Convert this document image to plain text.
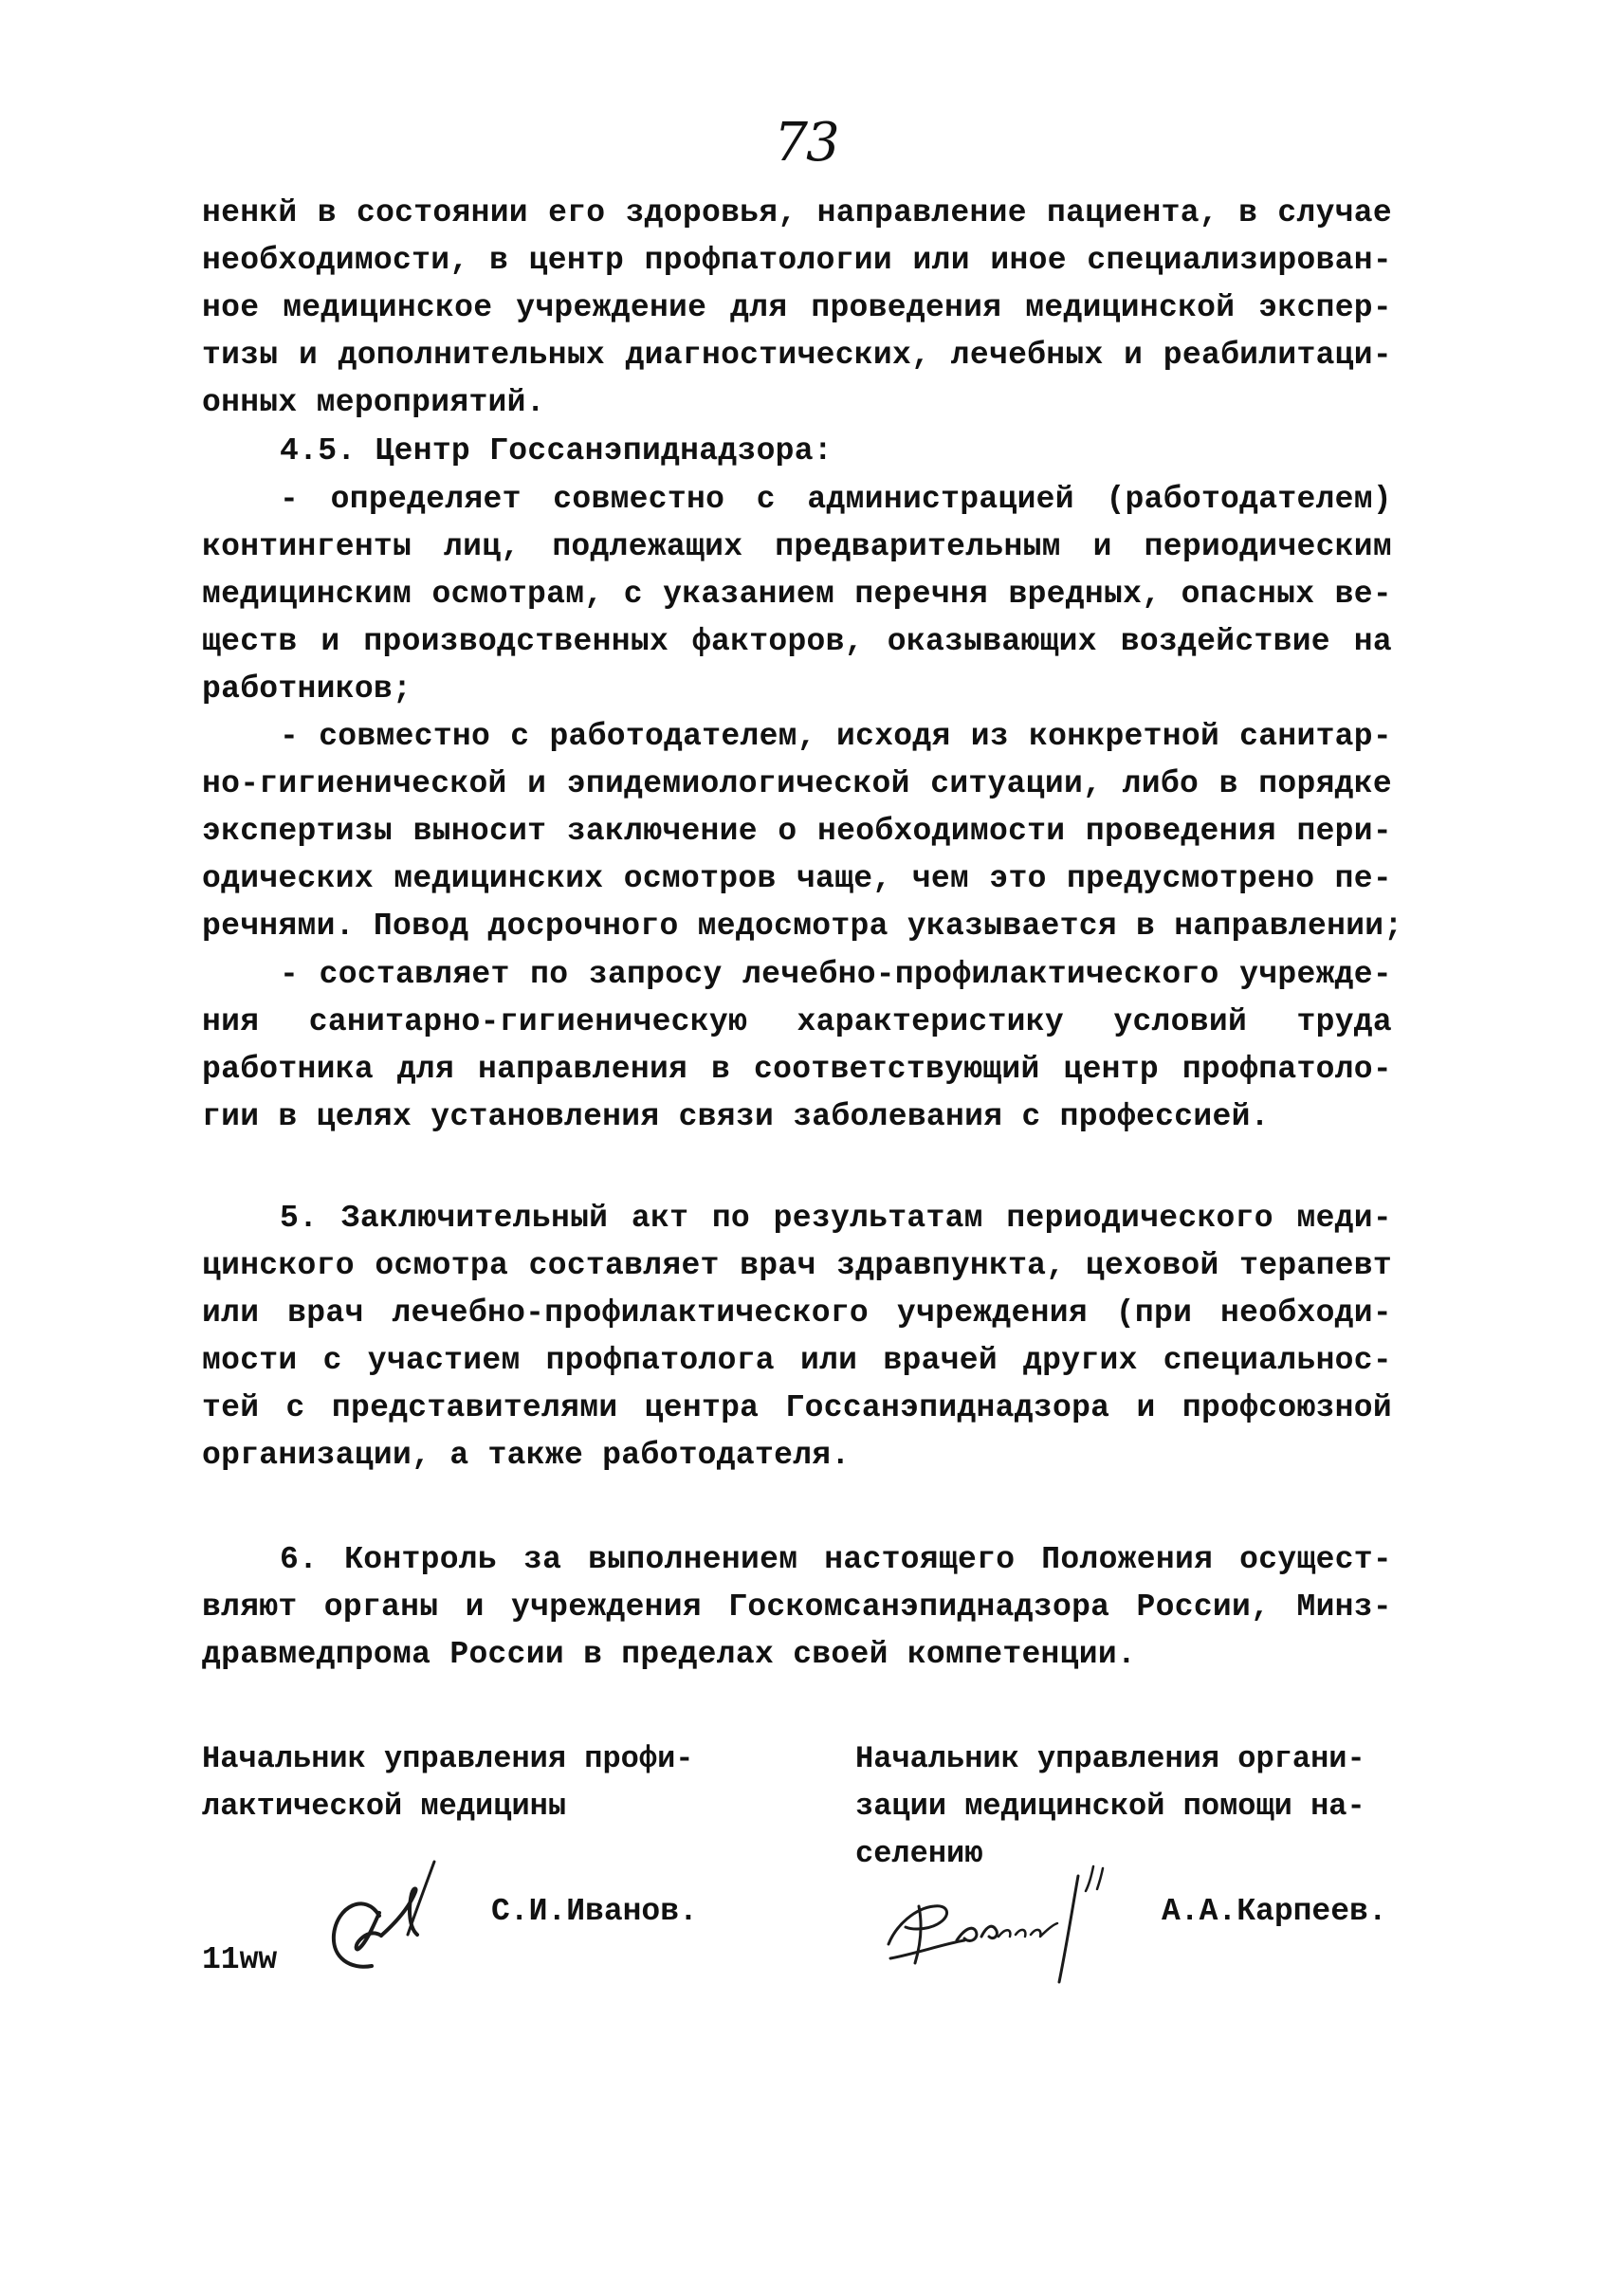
73
ненкй в состоянии его здоровья, направление пациента, в случае
необходимости, в центр профпатологии или иное специализирован-
ное медицинское учреждение для проведения медицинской экспер-
тизы и дополнительных диагностических, лечебных и реабилитаци-
онных мероприятий.
4.5. Центр Госсанэпиднадзора:
- определяет совместно с администрацией (работодателем)
контингенты лиц, подлежащих предварительным и периодическим
медицинским осмотрам, с указанием перечня вредных, опасных ве-
ществ и производственных факторов, оказывающих воздействие на
работников;
- совместно с работодателем, исходя из конкретной санитар-
но-гигиенической и эпидемиологической ситуации, либо в порядке
экспертизы выносит заключение о необходимости проведения пери-
одических медицинских осмотров чаще, чем это предусмотрено пе-
речнями. Повод досрочного медосмотра указывается в направлении;
- составляет по запросу лечебно-профилактического учрежде-
ния санитарно-гигиеническую характеристику условий труда
работника для направления в соответствующий центр профпатоло-
гии в целях установления связи заболевания с профессией.
5. Заключительный акт по результатам периодического меди-
цинского осмотра составляет врач здравпункта, цеховой терапевт
или врач лечебно-профилактического учреждения (при необходи-
мости с участием профпатолога или врачей других специальнос-
тей с представителями центра Госсанэпиднадзора и профсоюзной
организации, а также работодателя.
6. Контроль за выполнением настоящего Положения осущест-
вляют органы и учреждения Госкомсанэпиднадзора России, Минз-
дравмедпрома России в пределах своей компетенции.
Начальник управления профи-
лактической медицины
С.И.Иванов.
11ww
Начальник управления органи-
зации медицинской помощи на-
селению
А.А.Карпеев.
